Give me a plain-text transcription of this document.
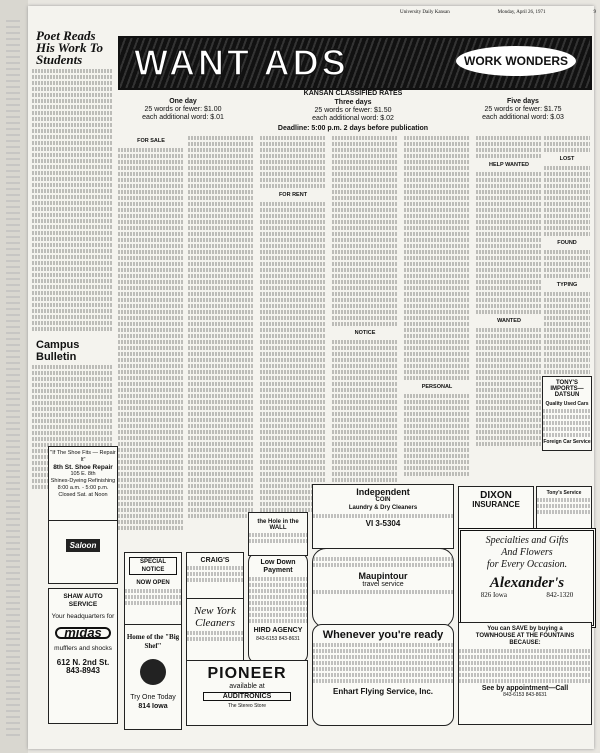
University Daily Kansan	Monday, April 26, 1971	9
Poet Reads His Work To Students
Campus Bulletin
"If The Shoe Fits — Repair It"
8th St. Shoe Repair
105 E. 8th
Shines-Dyeing Refinishing
8:00 a.m. - 5:00 p.m.
Closed Sat. at Noon
Saloon
SHAW AUTO SERVICE
Your headquarters for
midas
mufflers and shocks
612 N. 2nd St.
843-8943
WANT ADS	WORK WONDERS
KANSAN CLASSIFIED RATES
One day
25 words or fewer: $1.00
each additional word: $.01
Three days
25 words or fewer: $1.50
each additional word: $.02
Five days
25 words or fewer: $1.75
each additional word: $.03
Deadline: 5:00 p.m. 2 days before publication
FOR SALE
FOR RENT
NOTICE
PERSONAL
HELP WANTED
WANTED
LOST
FOUND
TYPING
TONY'S IMPORTS—DATSUN
Quality Used Cars
Foreign Car Service
SPECIAL NOTICE
NOW OPEN
Home of the "Big Shef"
Try One Today
814 Iowa
CRAIG'S
New York
Cleaners
Low Down Payment
HIRD AGENCY
843-6153 843-8631
the Hole in the WALL
Independent
COIN
Laundry & Dry Cleaners
VI 3-5304
Maupintour
travel service
Whenever you're ready
Enhart Flying Service, Inc.
PIONEER
available at
AUDITRONICS
The Stereo Store
DIXON
INSURANCE
Tony's Service
Specialties and Gifts
And Flowers
for Every Occasion.
Alexander's
826 Iowa	842-1320
You can SAVE by buying a TOWNHOUSE AT THE FOUNTAINS
BECAUSE:
See by appointment—Call
843-6153 843-8631
